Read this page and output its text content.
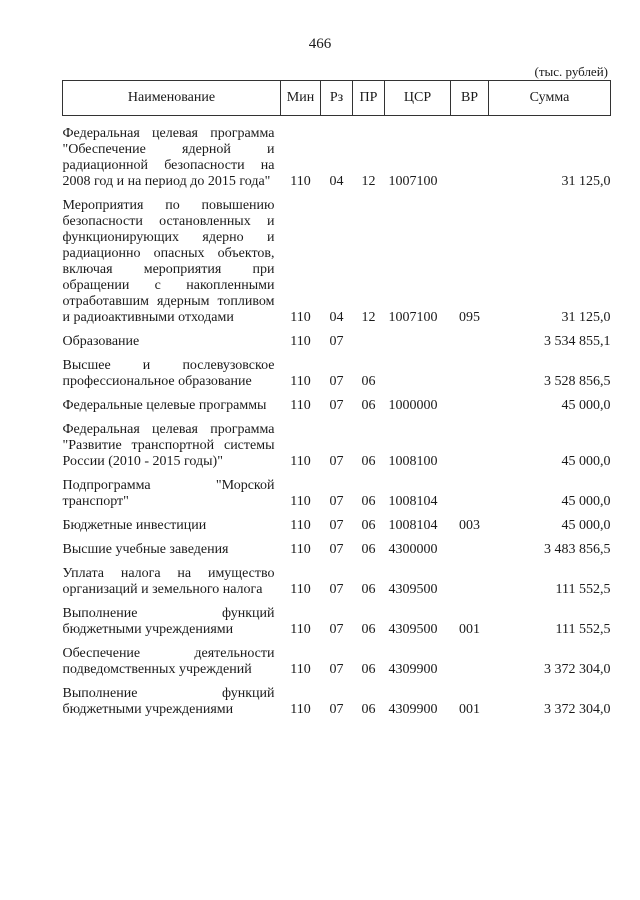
466
(тыс. рублей)
Наименование	Мин	Рз	ПР	ЦСР	ВР	Сумма
Федеральная целевая программа "Обеспечение ядерной и радиационной безопасности на 2008 год и на период до 2015 года"	110	04	12	1007100		31 125,0
Мероприятия по повышению безопасности остановленных и функционирующих ядерно и радиационно опасных объектов, включая мероприятия при обращении с накопленными отработавшим ядерным топливом и радиоактивными отходами	110	04	12	1007100	095	31 125,0
Образование	110	07				3 534 855,1
Высшее и послевузовское профессиональное образование	110	07	06			3 528 856,5
Федеральные целевые программы	110	07	06	1000000		45 000,0
Федеральная целевая программа "Развитие транспортной системы России (2010 - 2015 годы)"	110	07	06	1008100		45 000,0
Подпрограмма "Морской транспорт"	110	07	06	1008104		45 000,0
Бюджетные инвестиции	110	07	06	1008104	003	45 000,0
Высшие учебные заведения	110	07	06	4300000		3 483 856,5
Уплата налога на имущество организаций и земельного налога	110	07	06	4309500		111 552,5
Выполнение функций бюджетными учреждениями	110	07	06	4309500	001	111 552,5
Обеспечение деятельности подведомственных учреждений	110	07	06	4309900		3 372 304,0
Выполнение функций бюджетными учреждениями	110	07	06	4309900	001	3 372 304,0
